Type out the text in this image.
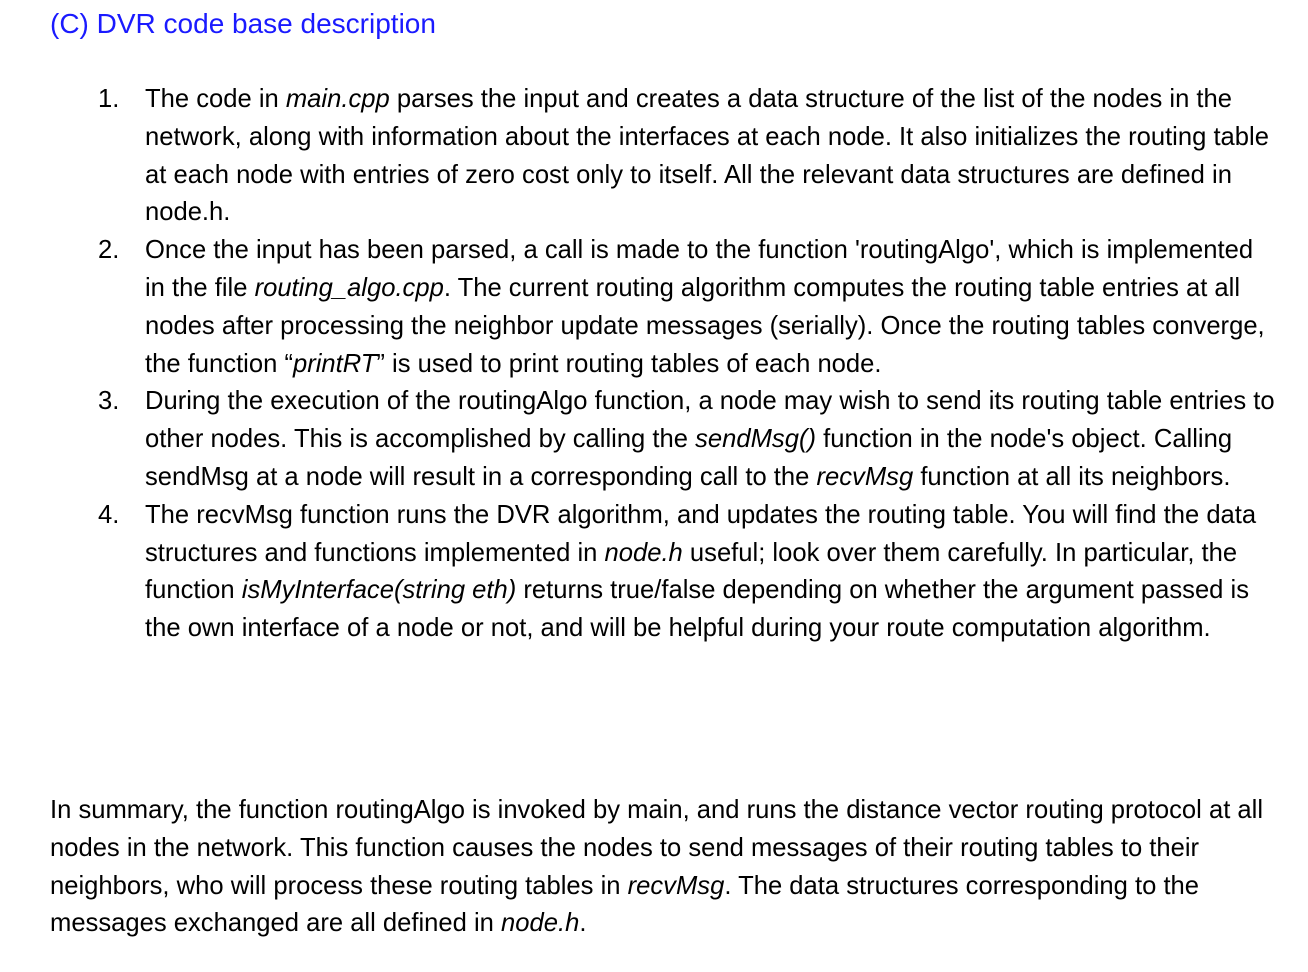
(C) DVR code base description
1. The code in main.cpp parses the input and creates a data structure of the list of the nodes in the network, along with information about the interfaces at each node. It also initializes the routing table at each node with entries of zero cost only to itself. All the relevant data structures are defined in node.h.
2. Once the input has been parsed, a call is made to the function 'routingAlgo', which is implemented in the file routing_algo.cpp. The current routing algorithm computes the routing table entries at all nodes after processing the neighbor update messages (serially). Once the routing tables converge, the function “printRT” is used to print routing tables of each node.
3. During the execution of the routingAlgo function, a node may wish to send its routing table entries to other nodes. This is accomplished by calling the sendMsg() function in the node's object. Calling sendMsg at a node will result in a corresponding call to the recvMsg function at all its neighbors.
4. The recvMsg function runs the DVR algorithm, and updates the routing table. You will find the data structures and functions implemented in node.h useful; look over them carefully. In particular, the function isMyInterface(string eth) returns true/false depending on whether the argument passed is the own interface of a node or not, and will be helpful during your route computation algorithm.

In summary, the function routingAlgo is invoked by main, and runs the distance vector routing protocol at all nodes in the network. This function causes the nodes to send messages of their routing tables to their neighbors, who will process these routing tables in recvMsg. The data structures corresponding to the messages exchanged are all defined in node.h.
